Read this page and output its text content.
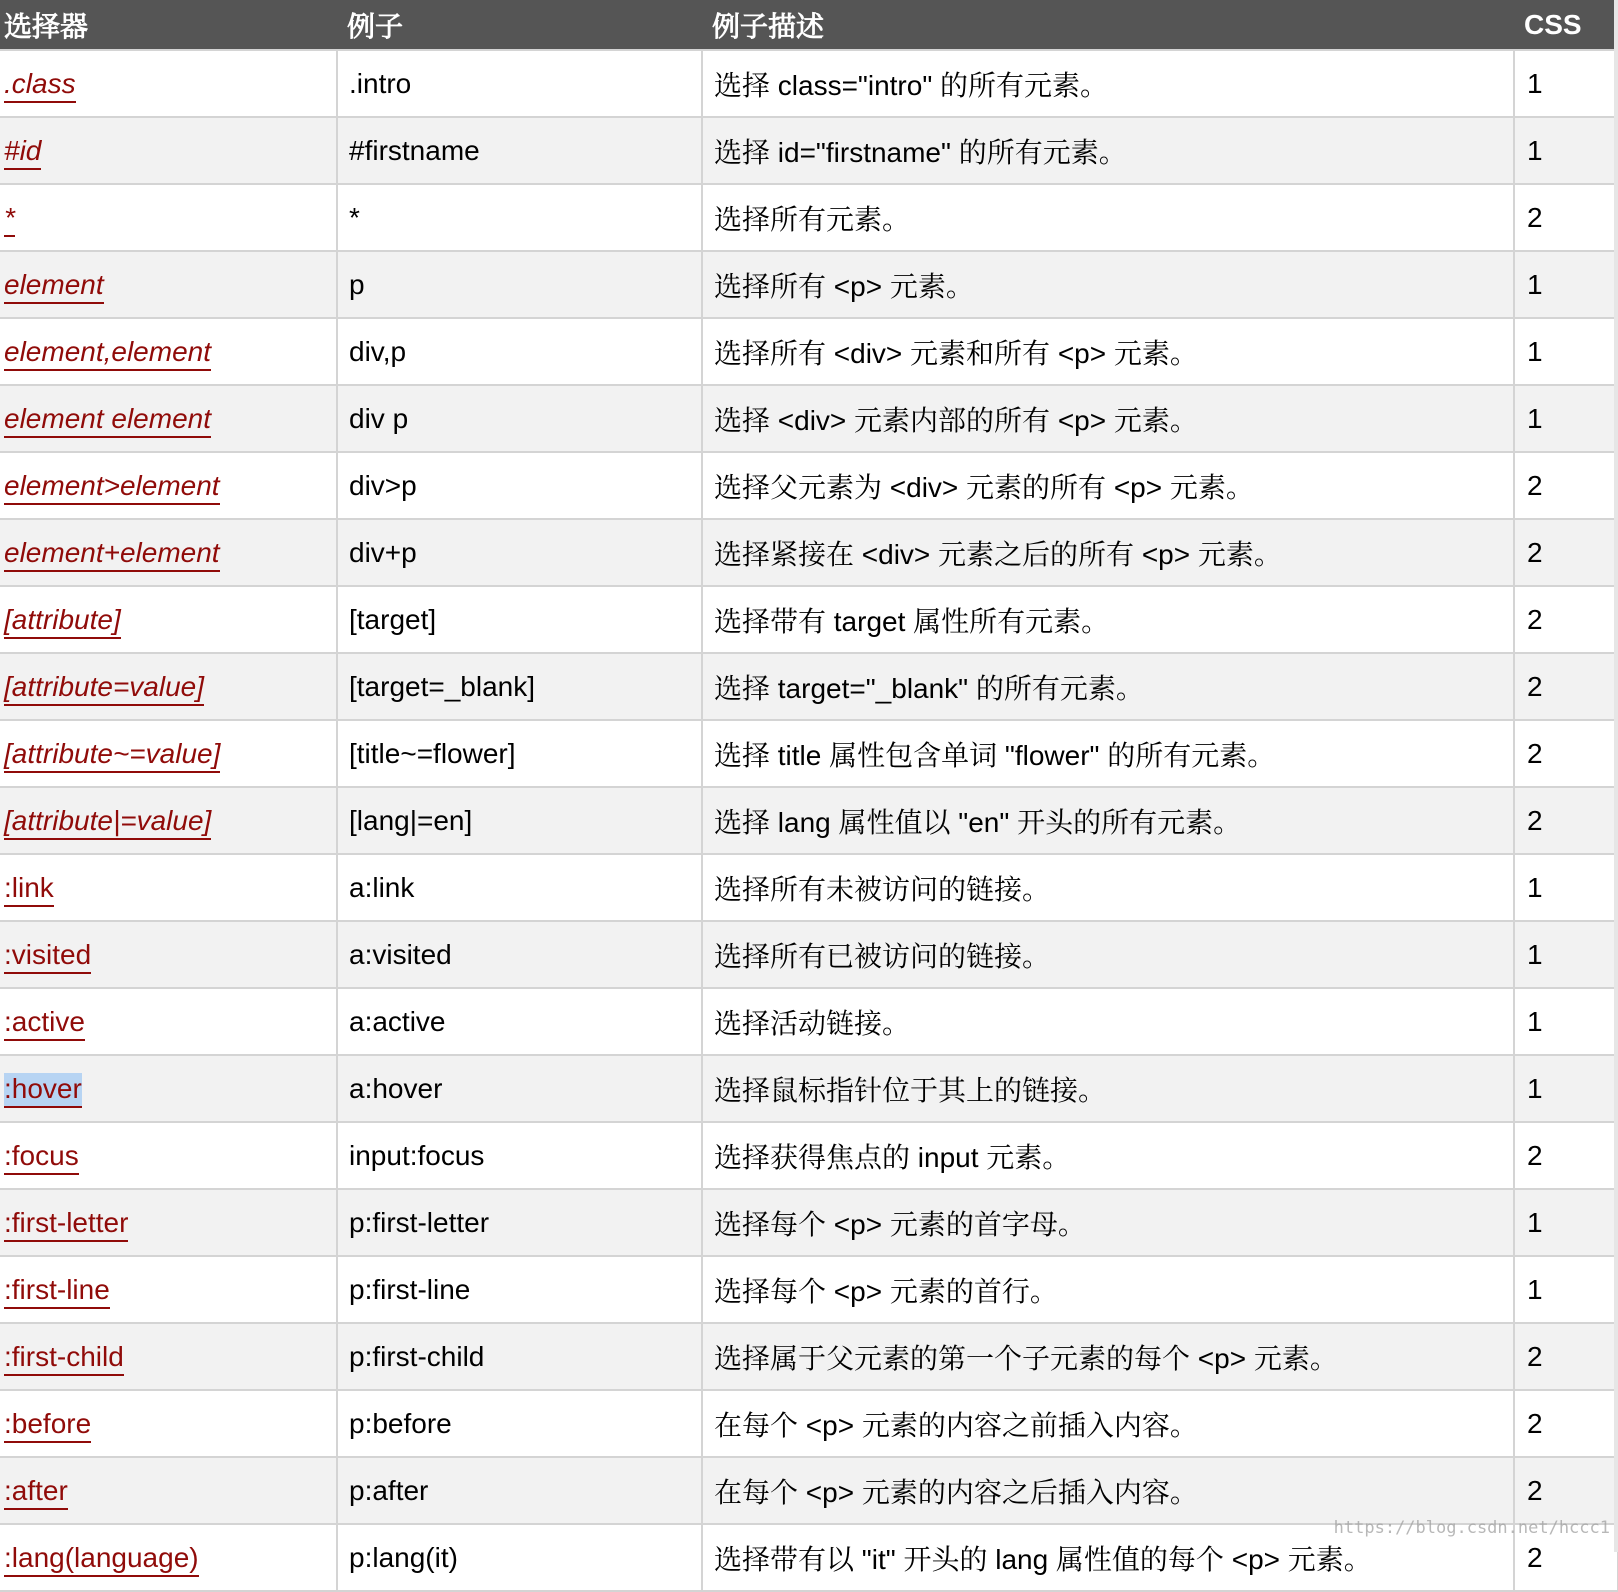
选择器	例子	例子描述	CSS
.class	.intro	选择 class="intro" 的所有元素。	1
#id	#firstname	选择 id="firstname" 的所有元素。	1
*	*	选择所有元素。	2
element	p	选择所有 <p> 元素。	1
element,element	div,p	选择所有 <div> 元素和所有 <p> 元素。	1
element element	div p	选择 <div> 元素内部的所有 <p> 元素。	1
element>element	div>p	选择父元素为 <div> 元素的所有 <p> 元素。	2
element+element	div+p	选择紧接在 <div> 元素之后的所有 <p> 元素。	2
[attribute]	[target]	选择带有 target 属性所有元素。	2
[attribute=value]	[target=_blank]	选择 target="_blank" 的所有元素。	2
[attribute~=value]	[title~=flower]	选择 title 属性包含单词 "flower" 的所有元素。	2
[attribute|=value]	[lang|=en]	选择 lang 属性值以 "en" 开头的所有元素。	2
:link	a:link	选择所有未被访问的链接。	1
:visited	a:visited	选择所有已被访问的链接。	1
:active	a:active	选择活动链接。	1
:hover	a:hover	选择鼠标指针位于其上的链接。	1
:focus	input:focus	选择获得焦点的 input 元素。	2
:first-letter	p:first-letter	选择每个 <p> 元素的首字母。	1
:first-line	p:first-line	选择每个 <p> 元素的首行。	1
:first-child	p:first-child	选择属于父元素的第一个子元素的每个 <p> 元素。	2
:before	p:before	在每个 <p> 元素的内容之前插入内容。	2
:after	p:after	在每个 <p> 元素的内容之后插入内容。	2
:lang(language)	p:lang(it)	选择带有以 "it" 开头的 lang 属性值的每个 <p> 元素。	2
https://blog.csdn.net/hccc1
